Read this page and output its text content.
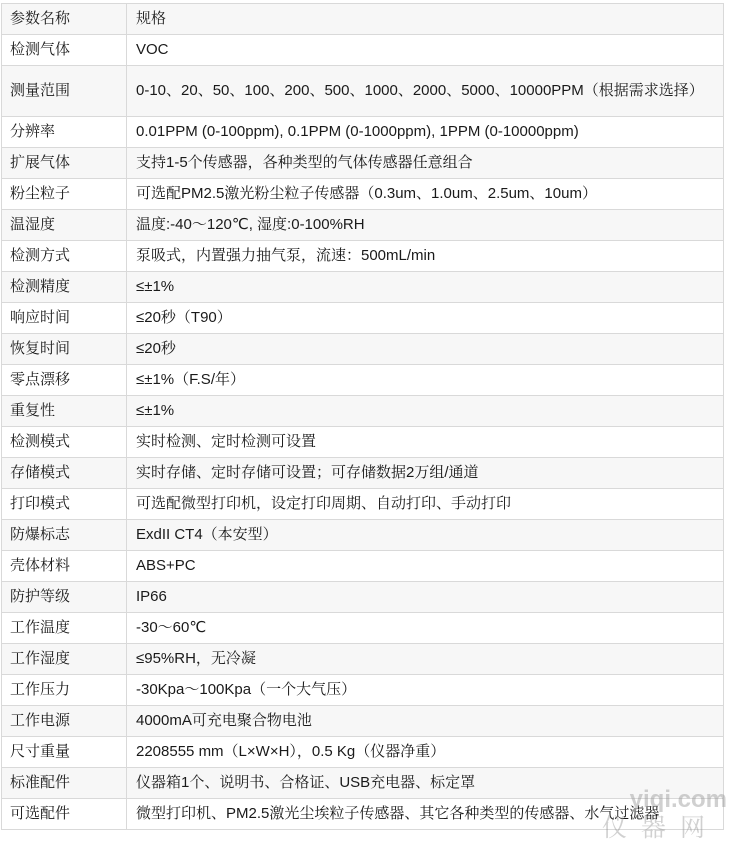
参数名称	规格
检测气体	VOC
测量范围	0-10、20、50、100、200、500、1000、2000、5000、10000PPM（根据需求选择）
分辨率	0.01PPM (0-100ppm), 0.1PPM (0-1000ppm), 1PPM (0-10000ppm)
扩展气体	支持1-5个传感器，各种类型的气体传感器任意组合
粉尘粒子	可选配PM2.5激光粉尘粒子传感器（0.3um、1.0um、2.5um、10um）
温湿度	温度:-40～120℃, 湿度:0-100%RH
检测方式	泵吸式，内置强力抽气泵，流速：500mL/min
检测精度	≤±1%
响应时间	≤20秒（T90）
恢复时间	≤20秒
零点漂移	≤±1%（F.S/年）
重复性	≤±1%
检测模式	实时检测、定时检测可设置
存储模式	实时存储、定时存储可设置；可存储数据2万组/通道
打印模式	可选配微型打印机，设定打印周期、自动打印、手动打印
防爆标志	ExdII CT4（本安型）
壳体材料	ABS+PC
防护等级	IP66
工作温度	-30～60℃
工作湿度	≤95%RH，无冷凝
工作压力	-30Kpa～100Kpa（一个大气压）
工作电源	4000mA可充电聚合物电池
尺寸重量	2208555 mm（L×W×H），0.5 Kg（仪器净重）
标准配件	仪器箱1个、说明书、合格证、USB充电器、标定罩
可选配件	微型打印机、PM2.5激光尘埃粒子传感器、其它各种类型的传感器、水气过滤器
yiqi.com
仪器网
